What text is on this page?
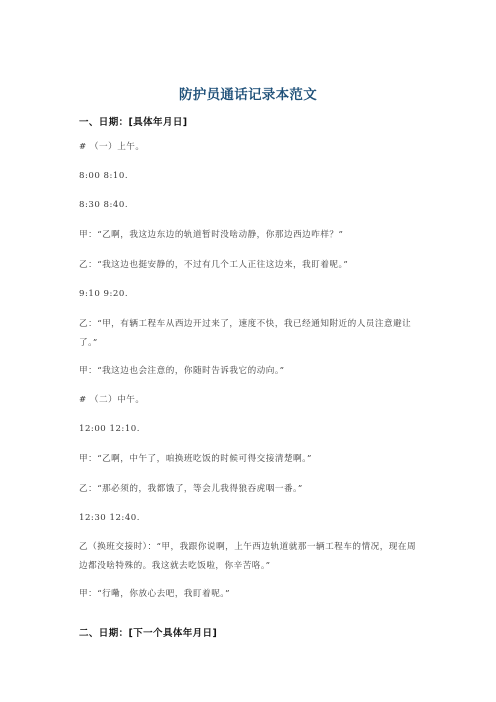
防护员通话记录本范文
一、日期：[具体年月日]
# （一）上午。
8:00 8:10.
8:30 8:40.
甲：“乙啊，我这边东边的轨道暂时没啥动静，你那边西边咋样？”
乙：“我这边也挺安静的，不过有几个工人正往这边来，我盯着呢。”
9:10 9:20.
乙：“甲，有辆工程车从西边开过来了，速度不快，我已经通知附近的人员注意避让了。”
甲：“我这边也会注意的，你随时告诉我它的动向。”
# （二）中午。
12:00 12:10.
甲：“乙啊，中午了，咱换班吃饭的时候可得交接清楚啊。”
乙：“那必须的，我都饿了，等会儿我得狼吞虎咽一番。”
12:30 12:40.
乙（换班交接时）：“甲，我跟你说啊，上午西边轨道就那一辆工程车的情况，现在周边都没啥特殊的。我这就去吃饭啦，你辛苦咯。”
甲：“行嘞，你放心去吧，我盯着呢。”
二、日期：[下一个具体年月日]
